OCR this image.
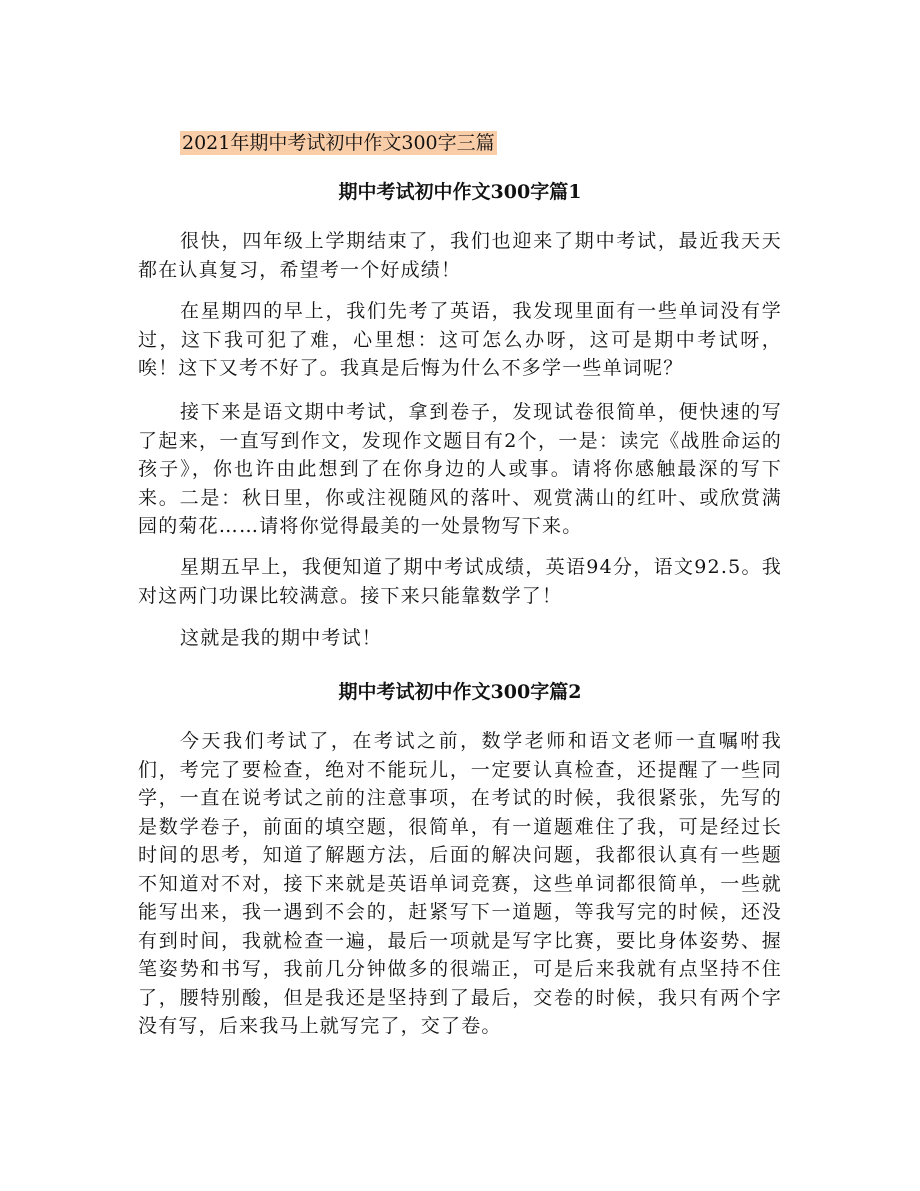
2021年期中考试初中作文300字三篇
期中考试初中作文300字篇1

很快，四年级上学期结束了，我们也迎来了期中考试，最近我天天都在认真复习，希望考一个好成绩！

在星期四的早上，我们先考了英语，我发现里面有一些单词没有学过，这下我可犯了难，心里想：这可怎么办呀，这可是期中考试呀，唉！这下又考不好了。我真是后悔为什么不多学一些单词呢？

接下来是语文期中考试，拿到卷子，发现试卷很简单，便快速的写了起来，一直写到作文，发现作文题目有2个，一是：读完《战胜命运的孩子》，你也许由此想到了在你身边的人或事。请将你感触最深的写下来。二是：秋日里，你或注视随风的落叶、观赏满山的红叶、或欣赏满园的菊花……请将你觉得最美的一处景物写下来。

星期五早上，我便知道了期中考试成绩，英语94分，语文92.5。我对这两门功课比较满意。接下来只能靠数学了！

这就是我的期中考试！

期中考试初中作文300字篇2

今天我们考试了，在考试之前，数学老师和语文老师一直嘱咐我们，考完了要检查，绝对不能玩儿，一定要认真检查，还提醒了一些同学，一直在说考试之前的注意事项，在考试的时候，我很紧张，先写的是数学卷子，前面的填空题，很简单，有一道题难住了我，可是经过长时间的思考，知道了解题方法，后面的解决问题，我都很认真有一些题不知道对不对，接下来就是英语单词竞赛，这些单词都很简单，一些就能写出来，我一遇到不会的，赶紧写下一道题，等我写完的时候，还没有到时间，我就检查一遍，最后一项就是写字比赛，要比身体姿势、握笔姿势和书写，我前几分钟做多的很端正，可是后来我就有点坚持不住了，腰特别酸，但是我还是坚持到了最后，交卷的时候，我只有两个字没有写，后来我马上就写完了，交了卷。
